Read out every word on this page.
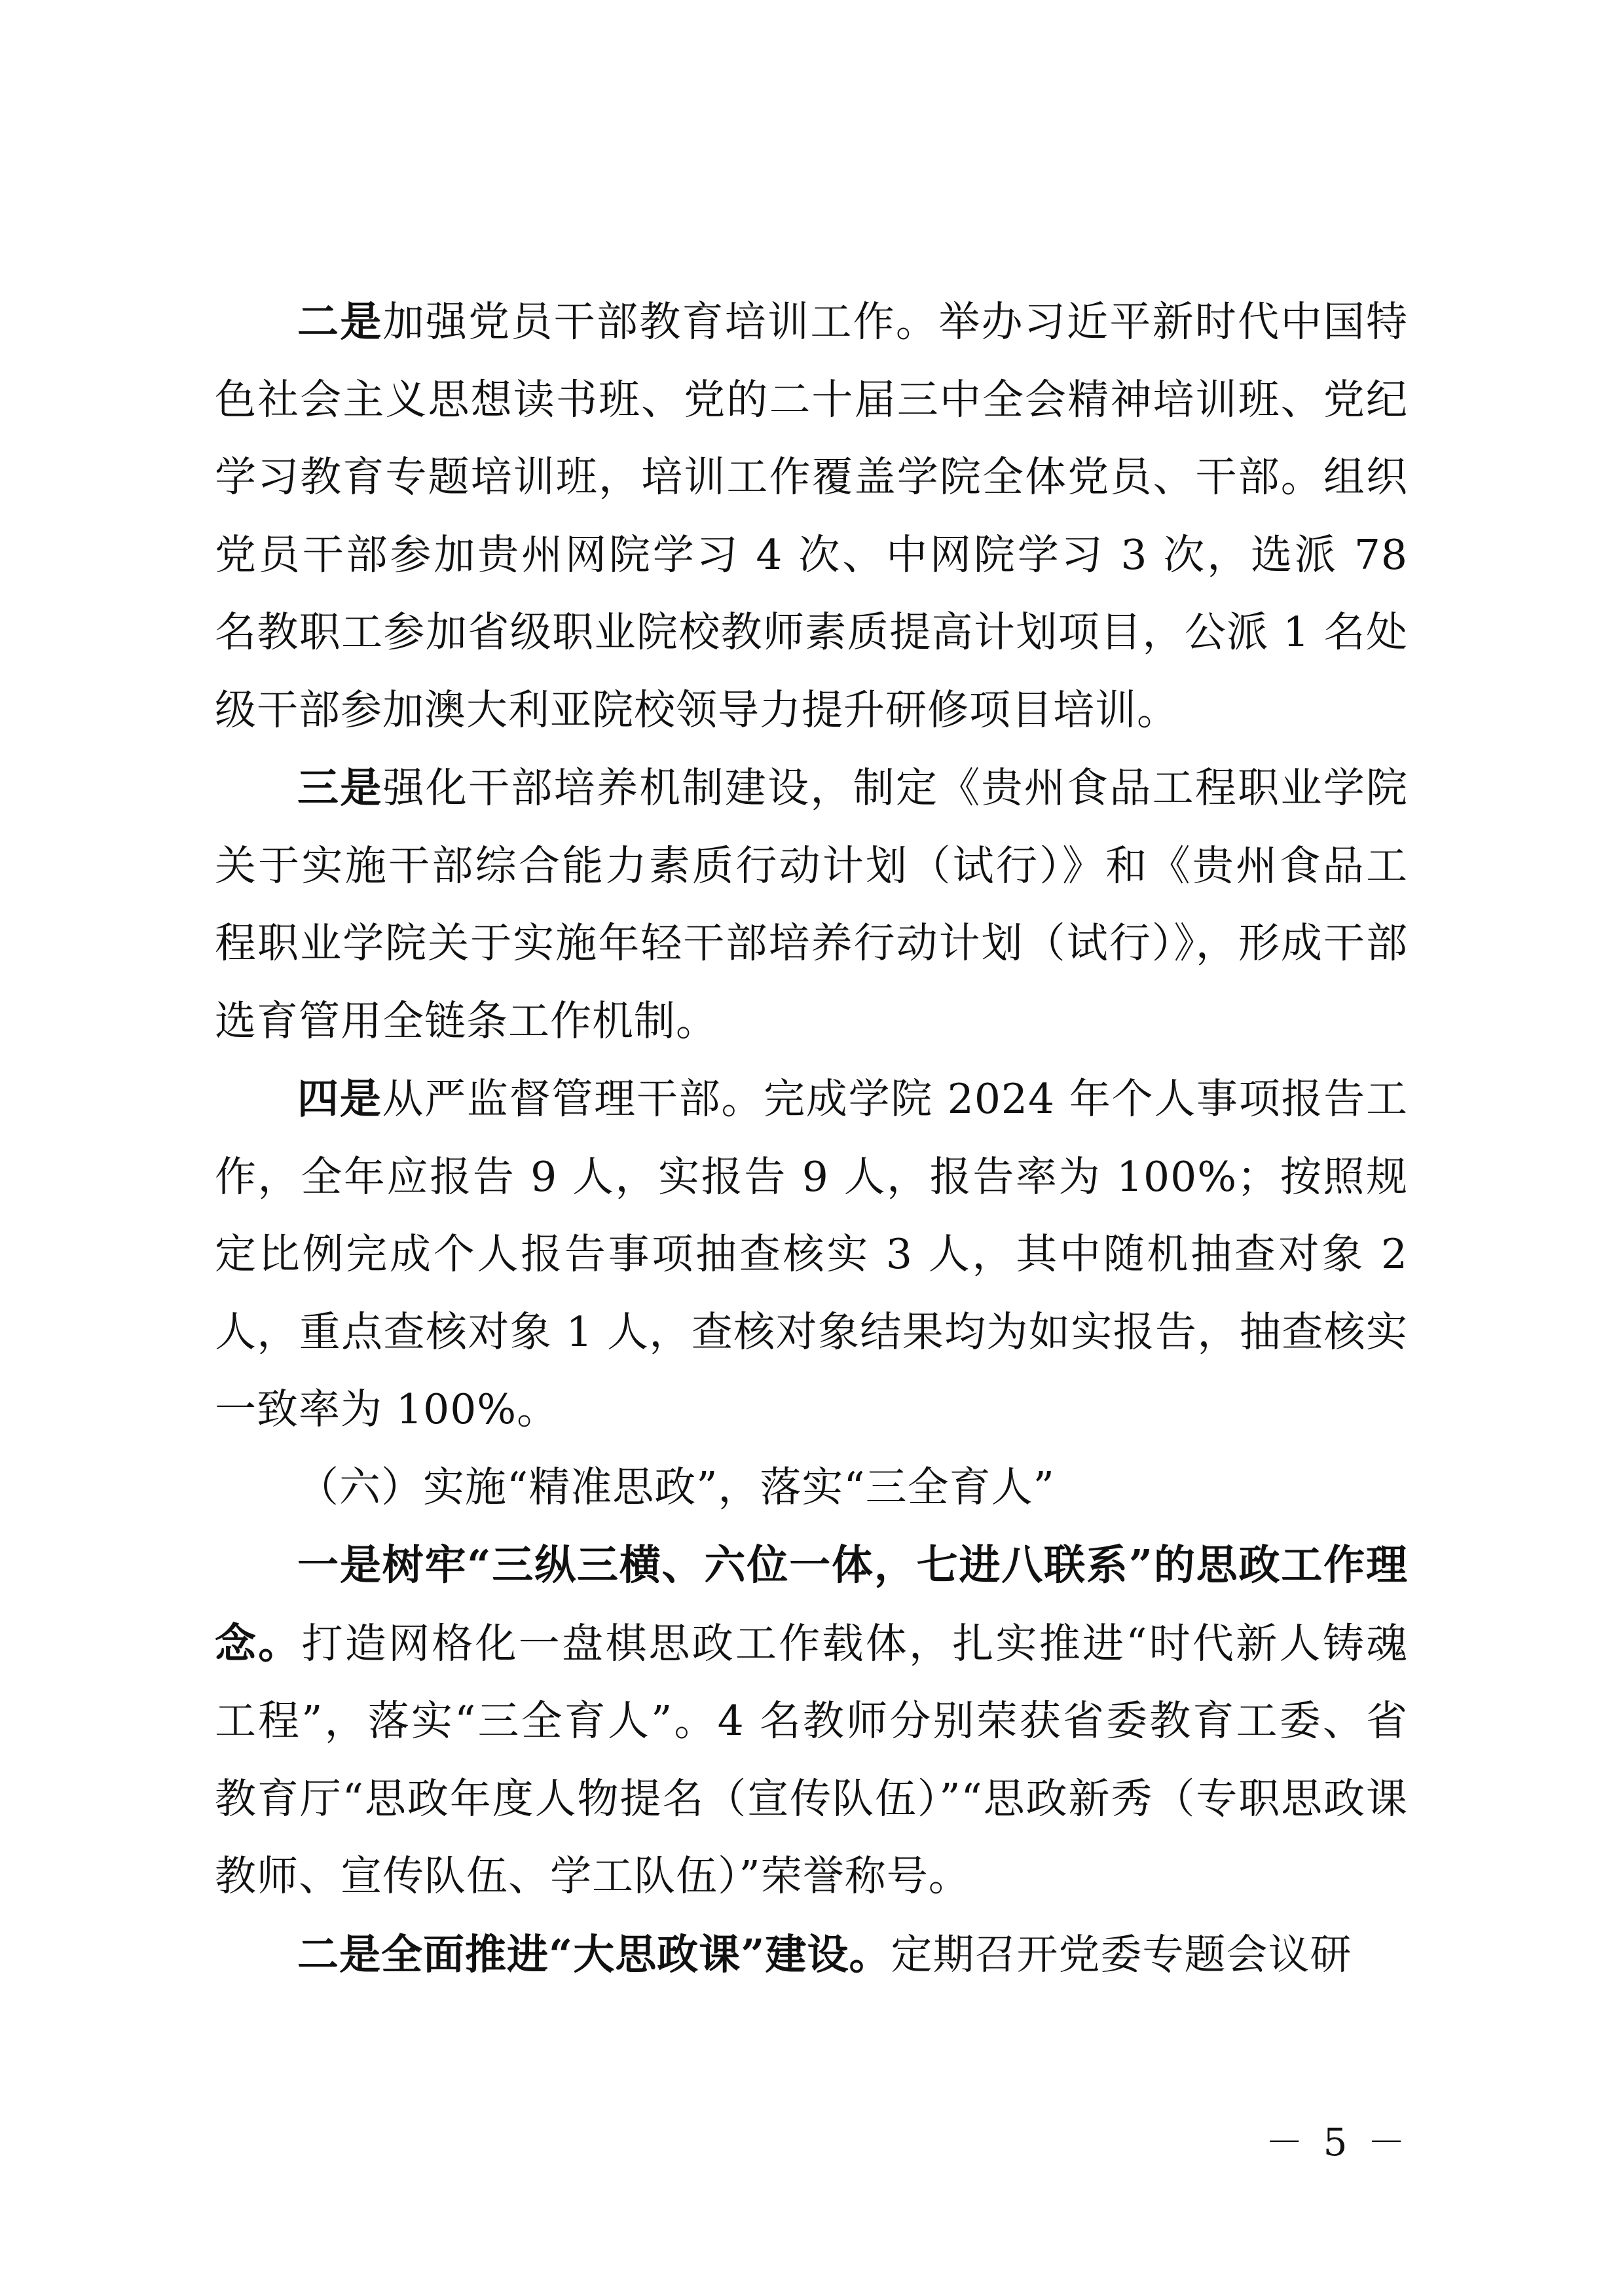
二是加强党员干部教育培训工作。举办习近平新时代中国特色社会主义思想读书班、党的二十届三中全会精神培训班、党纪学习教育专题培训班，培训工作覆盖学院全体党员、干部。组织党员干部参加贵州网院学习 4 次、中网院学习 3 次，选派 78 名教职工参加省级职业院校教师素质提高计划项目，公派 1 名处级干部参加澳大利亚院校领导力提升研修项目培训。

三是强化干部培养机制建设，制定《贵州食品工程职业学院关于实施干部综合能力素质行动计划（试行）》和《贵州食品工程职业学院关于实施年轻干部培养行动计划（试行）》，形成干部选育管用全链条工作机制。

四是从严监督管理干部。完成学院 2024 年个人事项报告工作，全年应报告 9 人，实报告 9 人，报告率为 100%；按照规定比例完成个人报告事项抽查核实 3 人，其中随机抽查对象 2 人，重点查核对象 1 人，查核对象结果均为如实报告，抽查核实一致率为 100%。

（六）实施“精准思政”，落实“三全育人”

一是树牢“三纵三横、六位一体，七进八联系”的思政工作理念。打造网格化一盘棋思政工作载体，扎实推进“时代新人铸魂工程”，落实“三全育人”。4 名教师分别荣获省委教育工委、省教育厅“思政年度人物提名（宣传队伍）”“思政新秀（专职思政课教师、宣传队伍、学工队伍）”荣誉称号。

二是全面推进“大思政课”建设。定期召开党委专题会议研

－ 5 －
